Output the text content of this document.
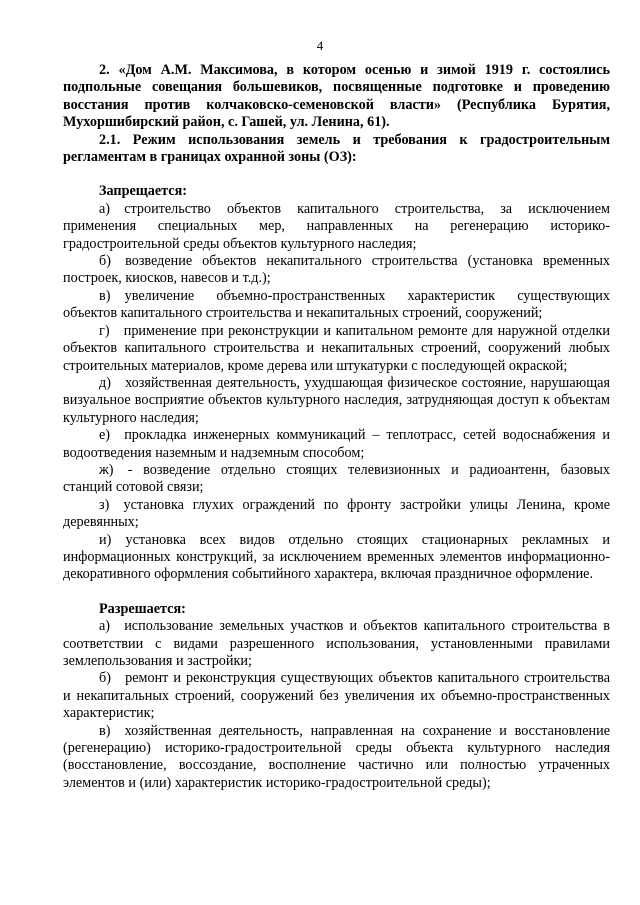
4

2. «Дом А.М. Максимова, в котором осенью и зимой 1919 г. состоялись подпольные совещания большевиков, посвященные подготовке и проведению восстания против колчаковско-семеновской власти» (Республика Бурятия, Мухоршибирский район, с. Гашей, ул. Ленина, 61).

2.1. Режим использования земель и требования к градостроительным регламентам в границах охранной зоны (ОЗ):

Запрещается:

а) строительство объектов капитального строительства, за исключением применения специальных мер, направленных на регенерацию историко-градостроительной среды объектов культурного наследия;

б) возведение объектов некапитального строительства (установка временных построек, киосков, навесов и т.д.);

в) увеличение объемно-пространственных характеристик существующих объектов капитального строительства и некапитальных строений, сооружений;

г) применение при реконструкции и капитальном ремонте для наружной отделки объектов капитального строительства и некапитальных строений, сооружений любых строительных материалов, кроме дерева или штукатурки с последующей окраской;

д) хозяйственная деятельность, ухудшающая физическое состояние, нарушающая визуальное восприятие объектов культурного наследия, затрудняющая доступ к объектам культурного наследия;

е) прокладка инженерных коммуникаций – теплотрасс, сетей водоснабжения и водоотведения наземным и надземным способом;

ж) - возведение отдельно стоящих телевизионных и радиоантенн, базовых станций сотовой связи;

з) установка глухих ограждений по фронту застройки улицы Ленина, кроме деревянных;

и) установка всех видов отдельно стоящих стационарных рекламных и информационных конструкций, за исключением временных элементов информационно-декоративного оформления событийного характера, включая праздничное оформление.

Разрешается:

а) использование земельных участков и объектов капитального строительства в соответствии с видами разрешенного использования, установленными правилами землепользования и застройки;

б) ремонт и реконструкция существующих объектов капитального строительства и некапитальных строений, сооружений без увеличения их объемно-пространственных характеристик;

в) хозяйственная деятельность, направленная на сохранение и восстановление (регенерацию) историко-градостроительной среды объекта культурного наследия (восстановление, воссоздание, восполнение частично или полностью утраченных элементов и (или) характеристик историко-градостроительной среды);
